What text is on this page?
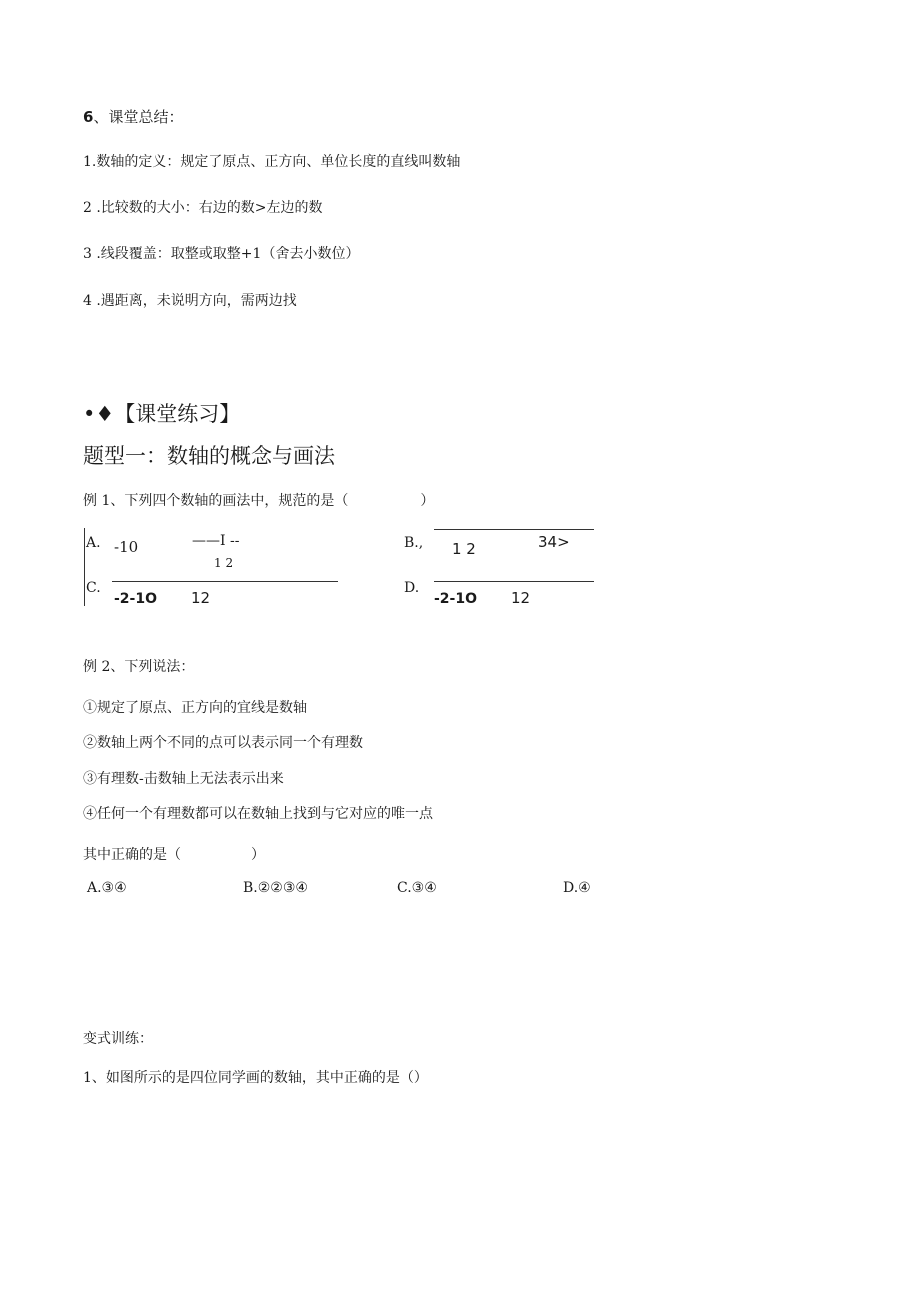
6、课堂总结：
1.数轴的定义：规定了原点、正方向、单位长度的直线叫数轴
2 .比较数的大小：右边的数>左边的数
3 .线段覆盖：取整或取整+1（舍去小数位）
4 .遇距离，未说明方向，需两边找
•♦【课堂练习】
题型一：数轴的概念与画法
例 1、下列四个数轴的画法中，规范的是（	）
A. -10	——I --
1 2
B., 1 2	34>
C.
-2-1O 12
D.
-2-1O 12
例 2、下列说法：
①规定了原点、正方向的宜线是数轴
②数轴上两个不同的点可以表示同一个有理数
③有理数-击数轴上无法表示出来
④任何一个有理数都可以在数轴上找到与它对应的唯一点
其中正确的是（	）
A.③④	B.②②③④	C.③④	D.④
变式训练：
1、如图所示的是四位同学画的数轴，其中正确的是（）
